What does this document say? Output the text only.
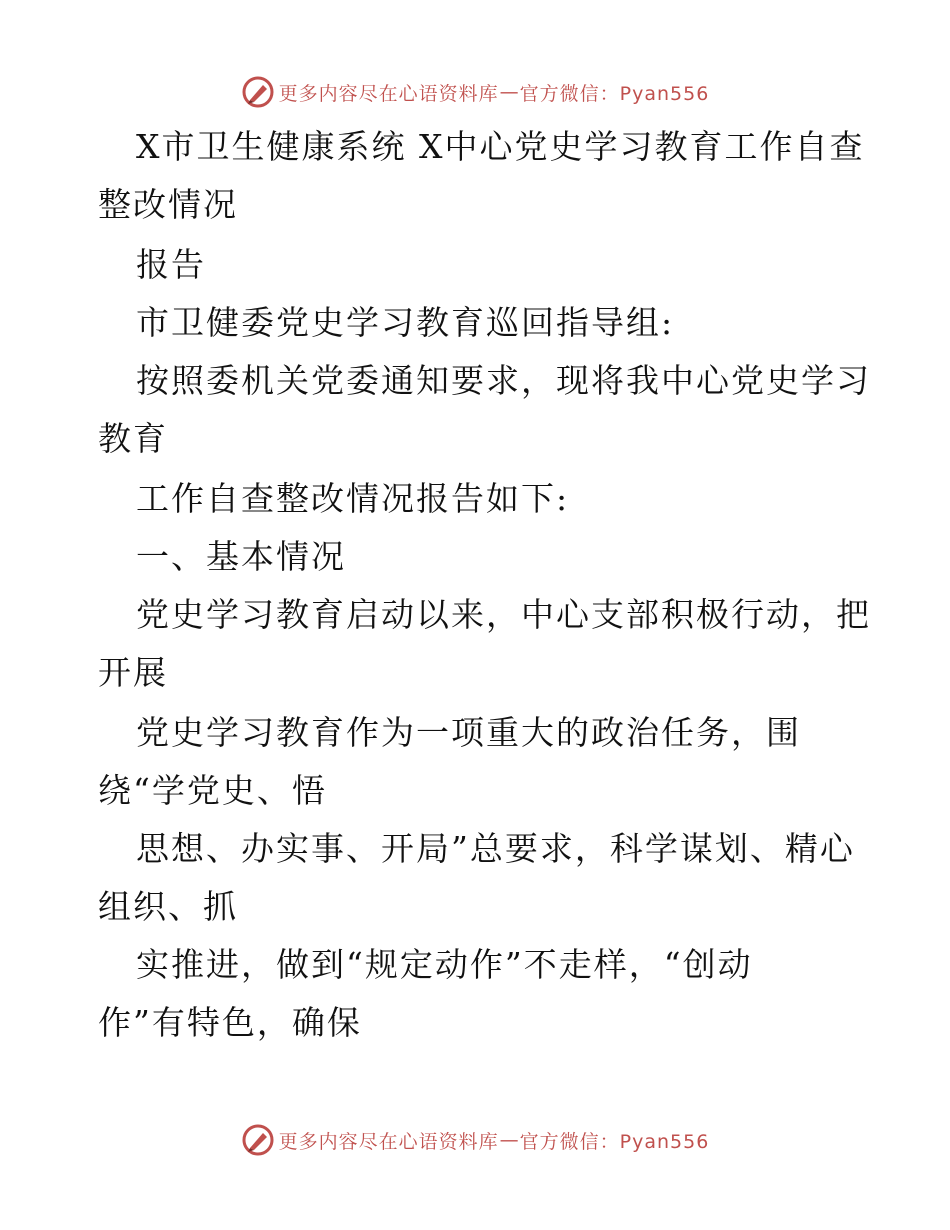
更多内容尽在心语资料库 — 官方微信：Pyan556
X市卫生健康系统 X中心党史学习教育工作自查
整改情况
报告
市卫健委党史学习教育巡回指导组:
按照委机关党委通知要求，现将我中心党史学习
教育
工作自查整改情况报告如下:
一、基本情况
党史学习教育启动以来，中心支部积极行动，把
开展
党史学习教育作为一项重大的政治任务，围
绕“学党史、悟
思想、办实事、开局”总要求，科学谋划、精心
组织、抓
实推进，做到“规定动作”不走样，“创动
作”有特色，确保
更多内容尽在心语资料库 — 官方微信：Pyan556
